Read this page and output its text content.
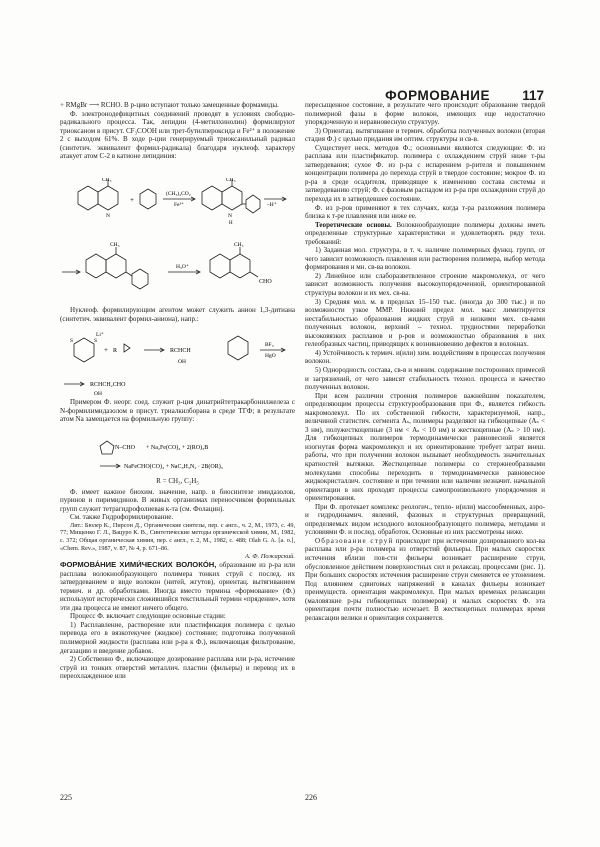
ФОРМОВАНИЕ 117

+ RMgBr ⟶ RCHO. В р-цию вступают только замещенные формамиды.

Ф. электронодефицитных соединений проводят в условиях свободно-радикального процесса. Так, лепидин (4-метилхинолин) формилируют триоксаном в присут. CF₃COOH или трет-бутилпероксида и Fe²⁺ в положение 2 с выходом 61%. В ходе р-ции генерируемый триоксанильный радикал (синтетич. эквивалент формил-радикала) благодаря нуклеоф. характеру атакует атом С-2 в катионе лепидиния:

CH₃
N
+
(CH₃)₂CO₂
Fe²⁺
CH₃
N
H
–H⁺
CH₃
H₃O⁺
CH₃
CHO

Нуклеоф. формилирующим агентом может служить анион 1,3-дитиана (синтетич. эквивалент формил-аниона), напр.:

S	S
Li⁺
+ R	RCHCH
OH
BF₃
HgO
RCHCH₂CHO
OH

Примером Ф. неорг. соед. служит р-ция динатрийтетракарбонилжелеза с N-формилимидазолом в присут. триалкилборана в среде ТГФ; в результате атом Na замещается на формильную группу:

N–CHO + Na₂Fe(CO)₄ + 2(RO)₃B
NaFeCHO(CO)₄ + NaC₃H₃N₂ · 2B(OR)₃

R = CH₃, C₂H₅

Ф. имеет важное биохим. значение, напр. в биосинтезе имидазолов, пуринов и пиримидинов. В живых организмах переносчиком формильных групп служит тетрагидрофолиевая к-та (см. Фолацин).

См. также Гидроформилирование.

Лит.: Бюлер К., Пирсон Д., Органические синтезы, пер. с англ., ч. 2, М., 1973, с. 49, 77; Мищенко Г. Л., Вацуро К. В., Синтетические методы органической химии, М., 1982, с. 372; Общая органическая химия, пер. с англ., т. 2, М., 1982, с. 488; Olah G. A. [а. о.], «Chem. Rev.», 1987, v. 87, № 4, p. 671–86.

А. Ф. Пожарский.

ФОРМОВА́НИЕ ХИМИ́ЧЕСКИХ ВОЛОКО́Н, образование из р-ра или расплава волокнообразующего полимера тонких струй с послед. их затвердеванием в виде волокон (нитей, жгутов), ориентац. вытягиванием термич. и др. обработками. Иногда вместо термина «формование» (Ф.) используют исторически сложившийся текстильный термин «прядение», хотя эти два процесса не имеют ничего общего.

Процесс Ф. включает следующие основные стадии:

1) Расплавление, растворение или пластификация полимера с целью перевода его в вязкотекучее (жидкое) состояние; подготовка полученной полимерной жидкости (расплава или р-ра к Ф.), включающая фильтрование, дегазацию и введение добавок.

2) Собственно Ф., включающее дозирование расплава или р-ра, истечение струй из тонких отверстий металлич. пластин (фильеры) и перевод их в переохлажденное или

225

пересыщенное состояние, в результате чего происходит образование твердой полимерной фазы в форме волокон, имеющих еще недостаточно упорядоченную и неравновесную структуру.

3) Ориентац. вытягивание и термич. обработка полученных волокон (вторая стадия Ф.) с целью придания им оптим. структуры и св-в.

Существует неск. методов Ф.; основными являются следующие: Ф. из расплава или пластификатор. полимера с охлаждением струй ниже т-ры затвердевания; сухое Ф. из р-ра с испарением р-рителя и повышением концентрации полимера до перехода струй в твердое состояние; мокрое Ф. из р-ра в среде осадителя, приводящее к изменению состава системы и затвердеванию струй; Ф. с фазовым распадом из р-ра при охлаждении струй до перехода их в затвердевшее состояние.

Ф. из р-ров применяют в тех случаях, когда т-ра разложения полимера близка к т-ре плавления или ниже ее.

Теоретические основы. Волокнообразующие полимеры должны иметь определенные структурные характеристики и удовлетворять ряду техн. требований:

1) Заданная мол. структура, в т. ч. наличие полимерных функц. групп, от чего зависит возможность плавления или растворения полимера, выбор метода формирования и мн. св-ва волокон.

2) Линейное или слаборазветвленное строение макромолекул, от чего зависит возможность получения высокоупорядоченной, ориентированной структуры волокон и их мех. св-ва.

3) Средняя мол. м. в пределах 15–150 тыс. (иногда до 300 тыс.) и по возможности узкое ММР. Нижний предел мол. масс лимитируется нестабильностью образования жидких струй и низкими мех. св-вами полученных волокон, верхний – технол. трудностями переработки высоковязких расплавов и р-ров и возможностью образования в них гелеобразных частиц, приводящих к возникновению дефектов в волокнах.

4) Устойчивость к термич. и(или) хим. воздействиям в процессах получения волокон.

5) Однородность состава, св-в и миним. содержание посторонних примесей и загрязнений, от чего зависят стабильность технол. процесса и качество полученных волокон.

При всем различии строения полимеров важнейшим показателем, определяющим процессы структурообразования при Ф., является гибкость макромолекул. По их собственной гибкости, характеризуемой, напр., величиной статистич. сегмента Aₛ, полимеры разделяют на гибкоцепные (Aₛ < 3 нм), полужесткоцепные (3 нм < Aₛ < 10 нм) и жесткоцепные (Aₛ > 10 нм). Для гибкоцепных полимеров термодинамически равновесной является изогнутая форма макромолекул и их ориентирование требует затрат внеш. работы, что при получении волокон вызывает необходимость значительных кратностей вытяжки. Жесткоцепные полимеры со стержнеобразными молекулами способны переходить в термодинамически равновесное жидкокристаллич. состояние и при течении или наличии незначит. начальной ориентации в них проходят процессы самопроизвольного упорядочения и ориентирования.

При Ф. протекает комплекс реологич., тепло- и(или) массообменных, аэро- и гидродинамич. явлений, фазовых и структурных превращений, определяемых видом исходного волокнообразующего полимера, методами и условиями Ф. и послед. обработок. Основные из них рассмотрены ниже.

Образование струй происходит при истечении дозированного кол-ва расплава или р-ра полимера из отверстий фильеры. При малых скоростях истечения вблизи пов-сти фильеры возникает расширение струи, обусловленное действием поверхностных сил и релаксац. процессами (рис. 1). При больших скоростях истечения расширение струи сменяется ее утонением. Под влиянием сдвиговых напряжений в каналах фильеры возникает преимуществ. ориентация макромолекул. При малых временах релаксации (маловязкие р-ры гибкоцепных полимеров) и малых скоростях Ф. эта ориентация почти полностью исчезает. В жесткоцепных полимерах время релаксации велики и ориентация сохраняется.

226
